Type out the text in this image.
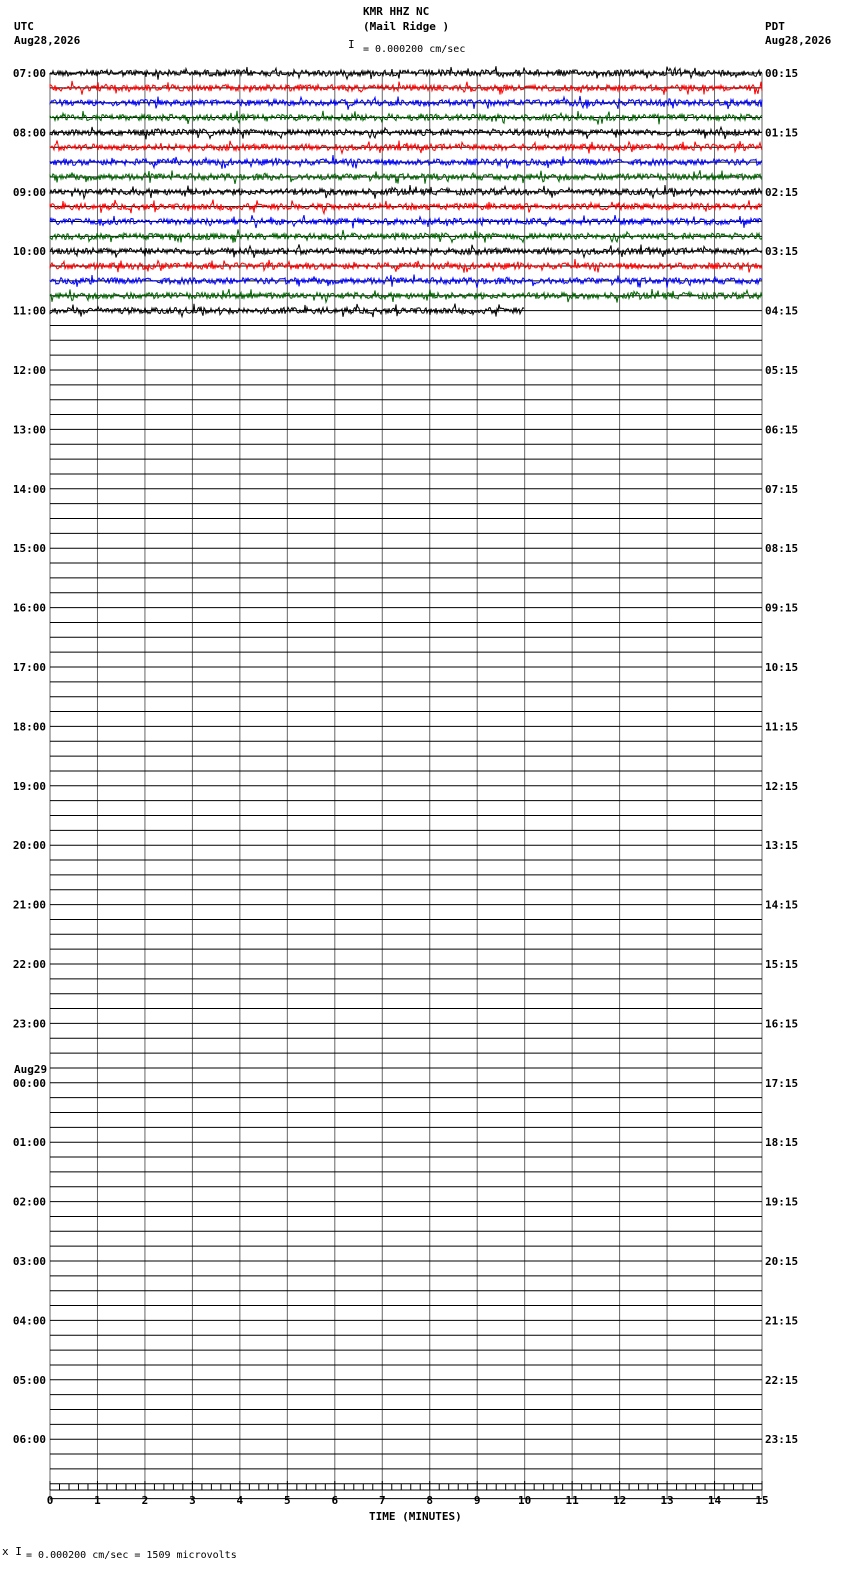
KMR HHZ NC
(Mail Ridge )
I = 0.000200 cm/sec
UTC
Aug28,2026
PDT
Aug28,2026
07:00
08:00
09:00
10:00
11:00
12:00
13:00
14:00
15:00
16:00
17:00
18:00
19:00
20:00
21:00
22:00
23:00
00:00
01:00
02:00
03:00
04:00
05:00
06:00
Aug29
00:15
01:15
02:15
03:15
04:15
05:15
06:15
07:15
08:15
09:15
10:15
11:15
12:15
13:15
14:15
15:15
16:15
17:15
18:15
19:15
20:15
21:15
22:15
23:15
0	1	2	3	4	5	6	7	8	9	10	11	12	13	14	15
TIME (MINUTES)
x I = 0.000200 cm/sec = 1509 microvolts
